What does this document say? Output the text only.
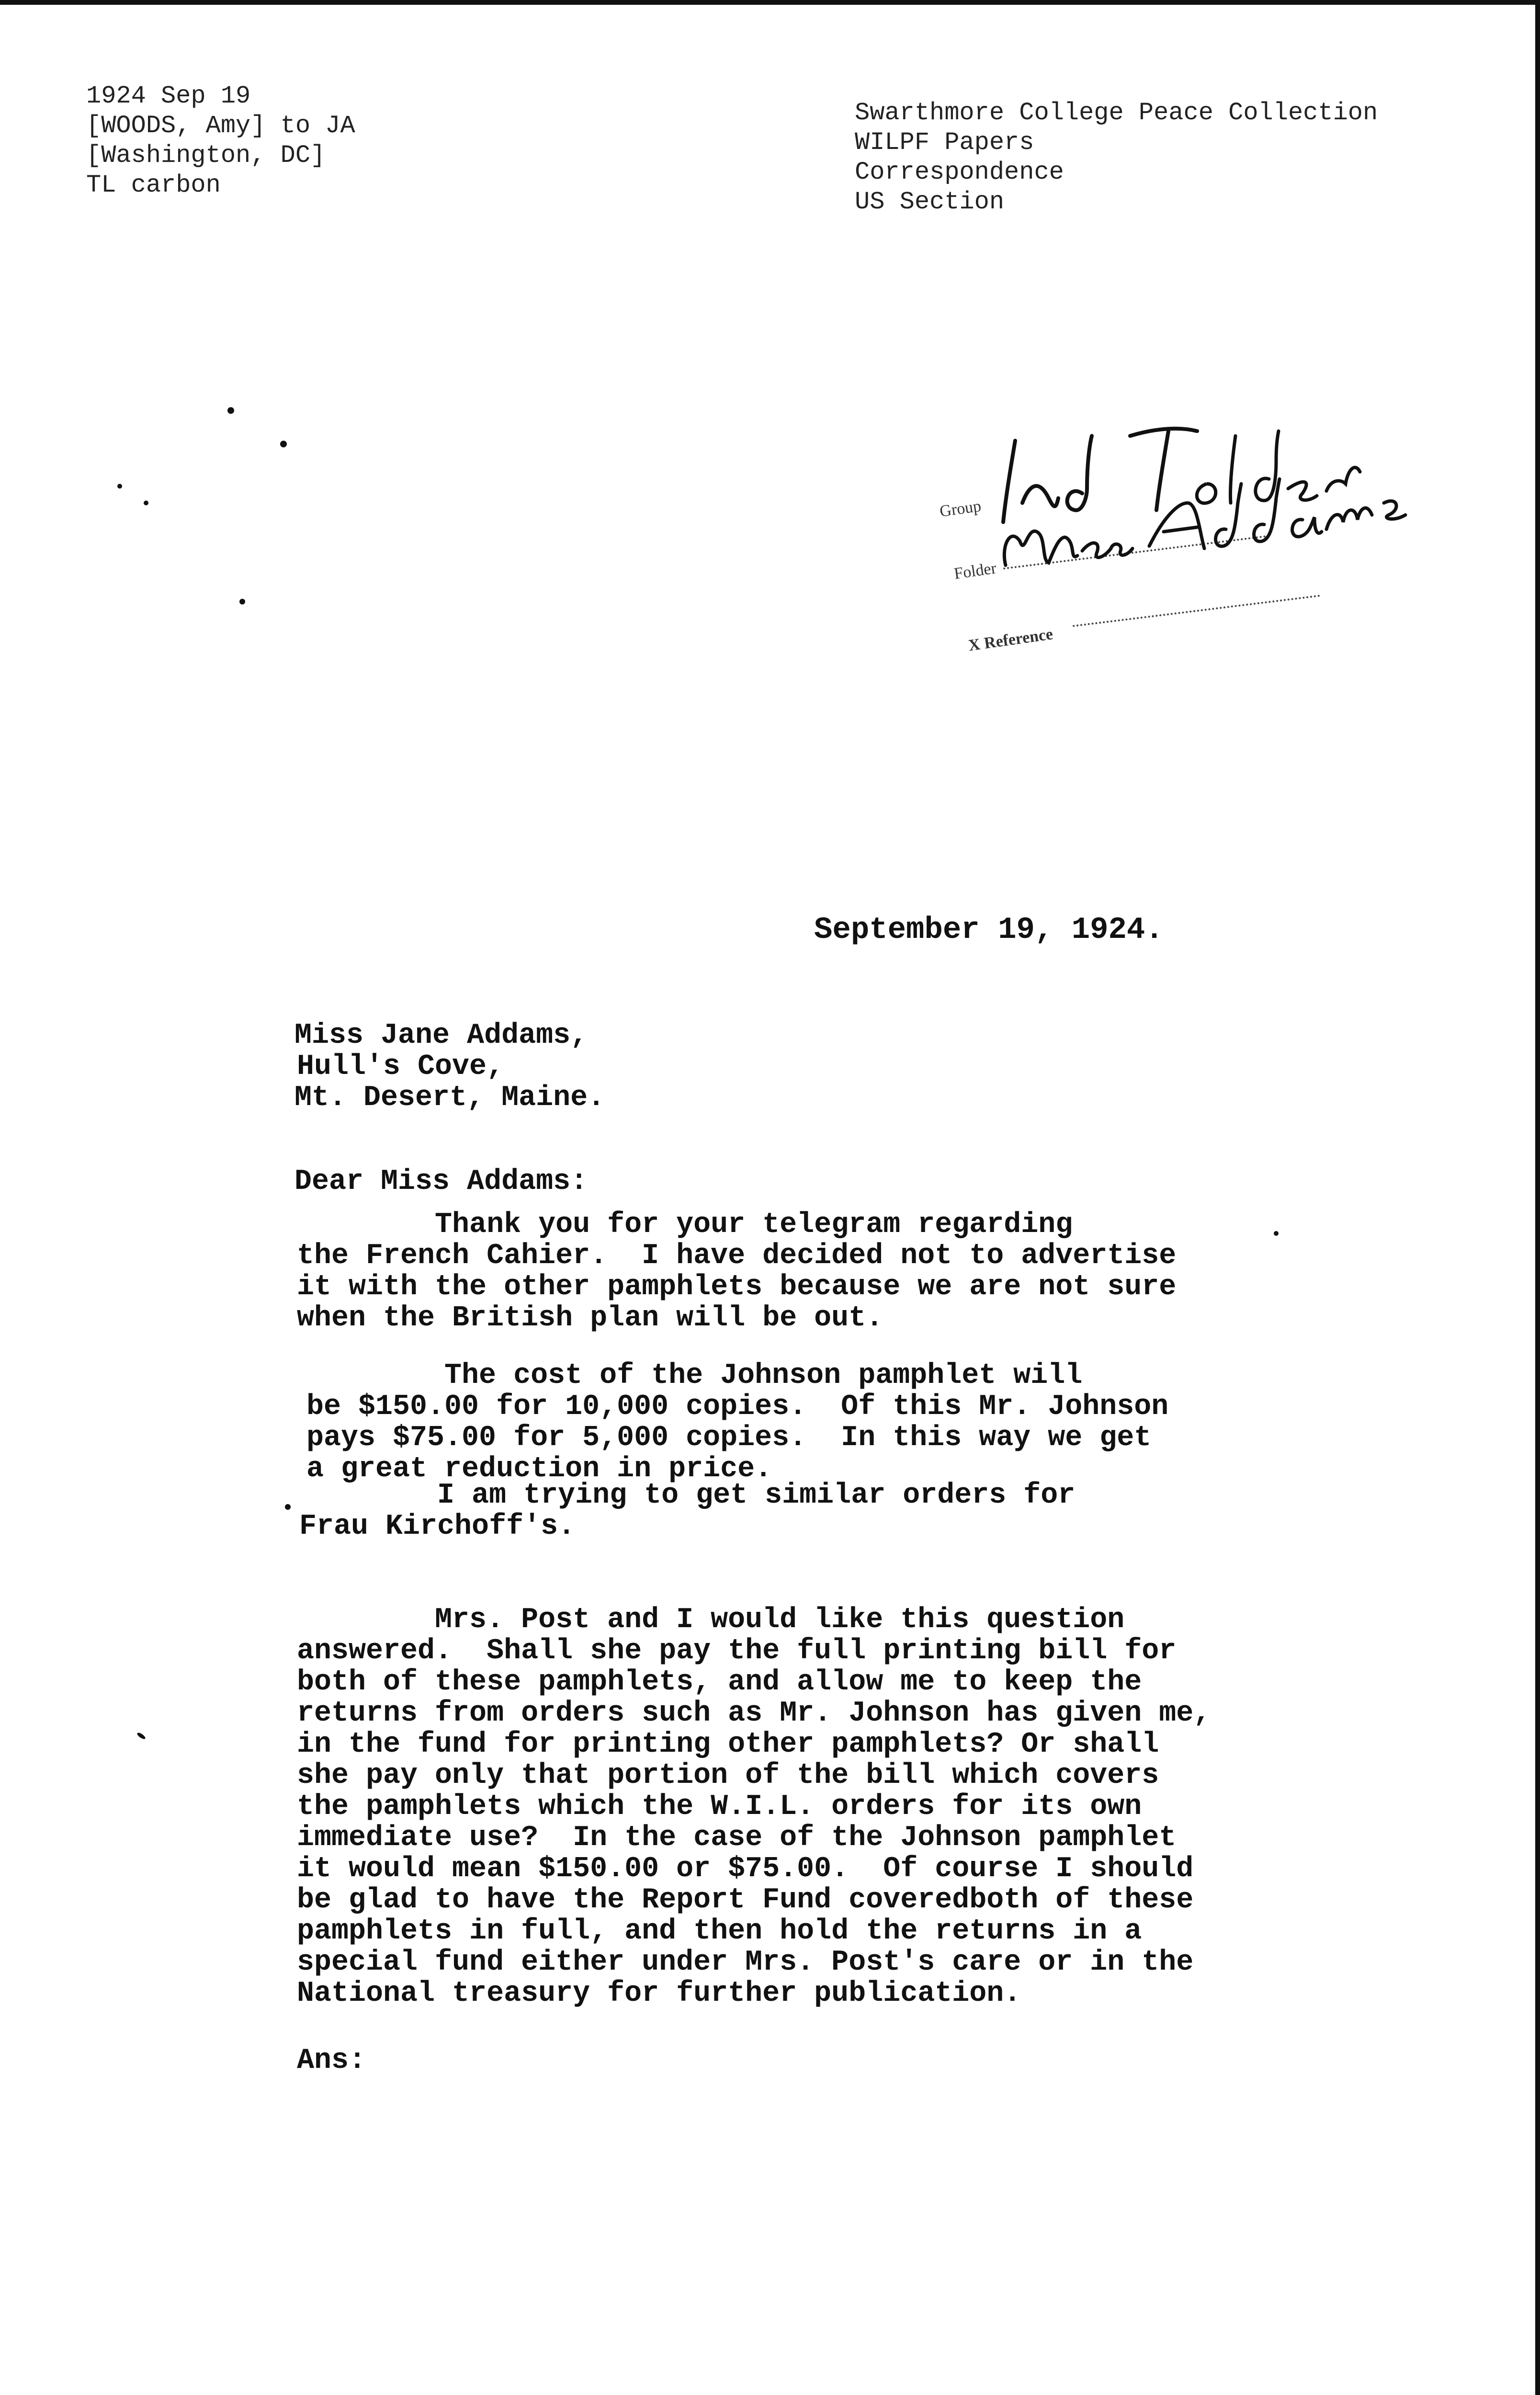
1924 Sep 19
[WOODS, Amy] to JA
[Washington, DC]
TL carbon
Swarthmore College Peace Collection
WILPF Papers
Correspondence
US Section
Group
Folder
X Reference
September 19, 1924.
Miss Jane Addams,
Hull's Cove,
Mt. Desert, Maine.
Dear Miss Addams:
Thank you for your telegram regarding
the French Cahier.  I have decided not to advertise
it with the other pamphlets because we are not sure
when the British plan will be out.
The cost of the Johnson pamphlet will
be $150.00 for 10,000 copies.  Of this Mr. Johnson
pays $75.00 for 5,000 copies.  In this way we get
a great reduction in price.
I am trying to get similar orders for
Frau Kirchoff's.
Mrs. Post and I would like this question
answered.  Shall she pay the full printing bill for
both of these pamphlets, and allow me to keep the
returns from orders such as Mr. Johnson has given me,
in the fund for printing other pamphlets? Or shall
she pay only that portion of the bill which covers
the pamphlets which the W.I.L. orders for its own
immediate use?  In the case of the Johnson pamphlet
it would mean $150.00 or $75.00.  Of course I should
be glad to have the Report Fund coveredboth of these
pamphlets in full, and then hold the returns in a
special fund either under Mrs. Post's care or in the
National treasury for further publication.
Ans:
